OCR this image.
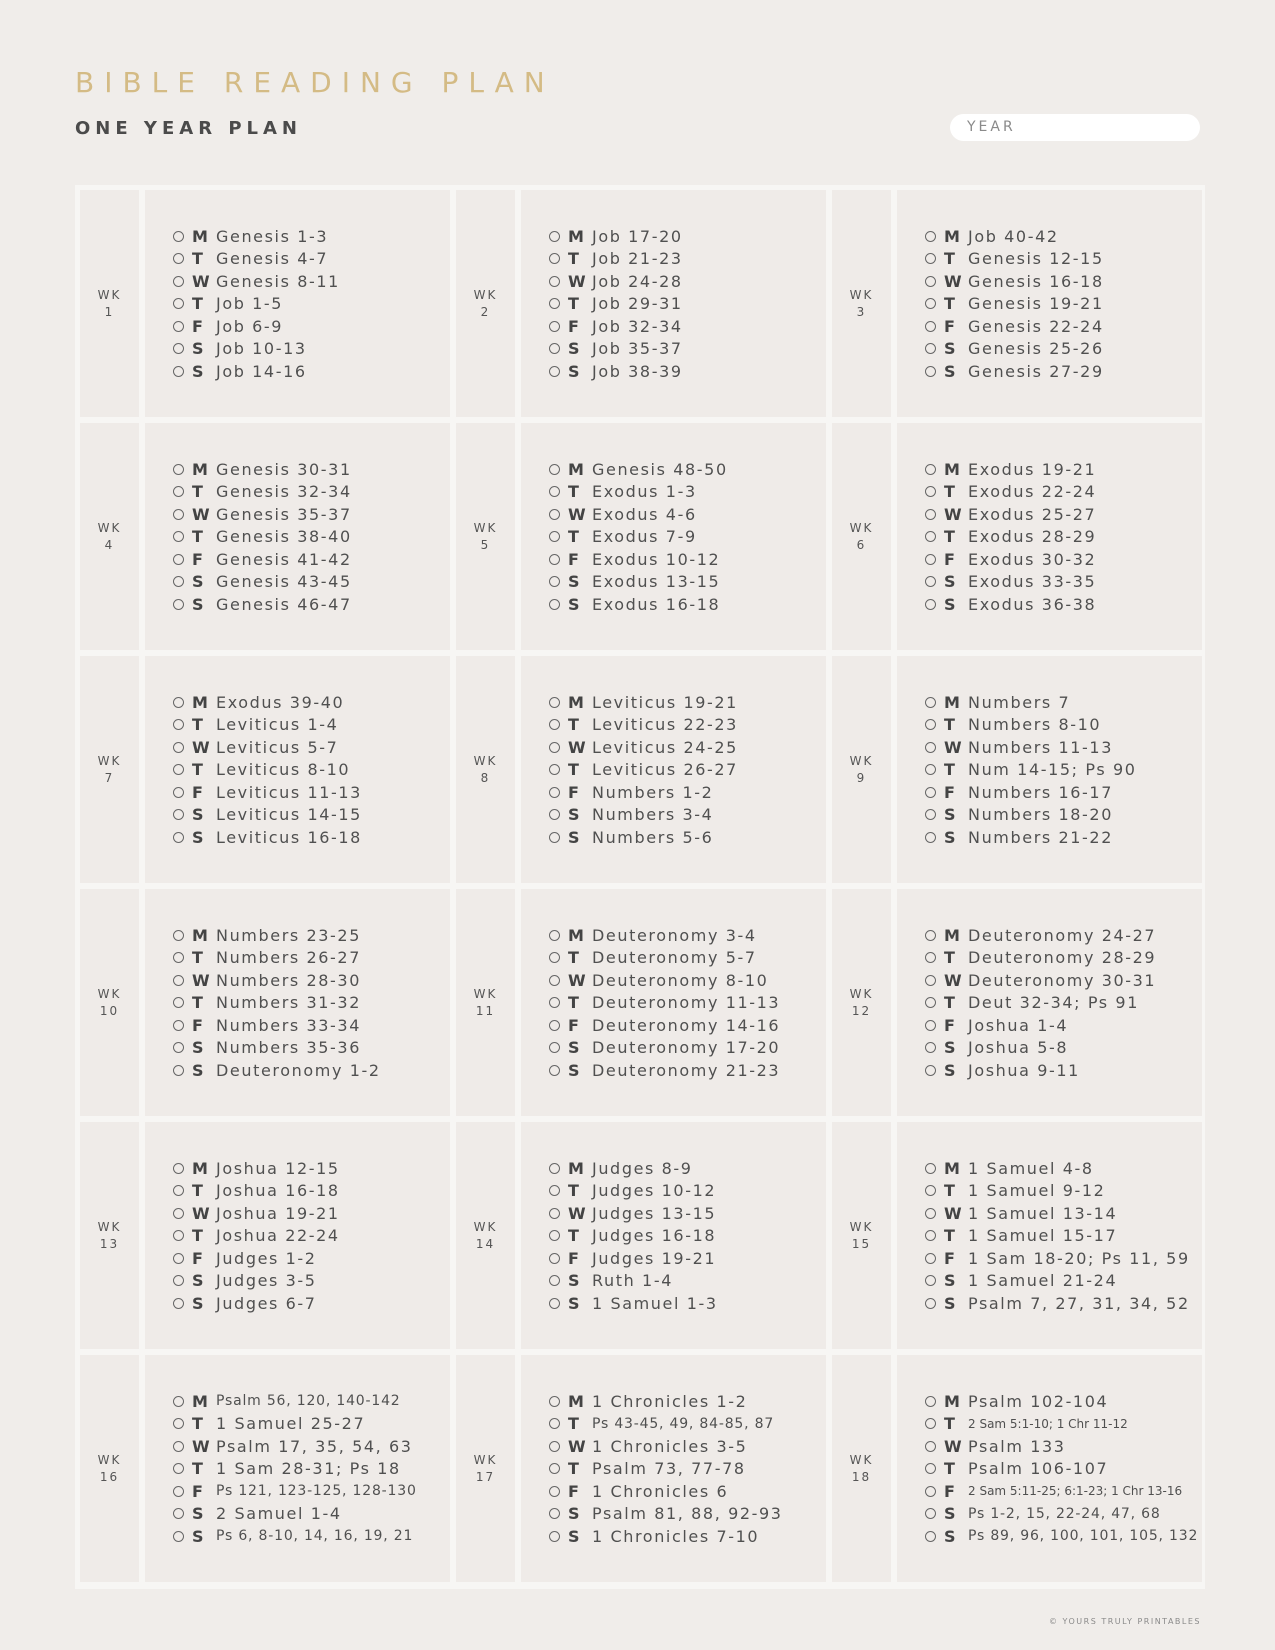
BIBLE READING PLAN
ONE YEAR PLAN	YEAR
WK
1
M Genesis 1-3
T Genesis 4-7
W Genesis 8-11
T Job 1-5
F Job 6-9
S Job 10-13
S Job 14-16
WK
2
M Job 17-20
T Job 21-23
W Job 24-28
T Job 29-31
F Job 32-34
S Job 35-37
S Job 38-39
WK
3
M Job 40-42
T Genesis 12-15
W Genesis 16-18
T Genesis 19-21
F Genesis 22-24
S Genesis 25-26
S Genesis 27-29
WK
4
M Genesis 30-31
T Genesis 32-34
W Genesis 35-37
T Genesis 38-40
F Genesis 41-42
S Genesis 43-45
S Genesis 46-47
WK
5
M Genesis 48-50
T Exodus 1-3
W Exodus 4-6
T Exodus 7-9
F Exodus 10-12
S Exodus 13-15
S Exodus 16-18
WK
6
M Exodus 19-21
T Exodus 22-24
W Exodus 25-27
T Exodus 28-29
F Exodus 30-32
S Exodus 33-35
S Exodus 36-38
WK
7
M Exodus 39-40
T Leviticus 1-4
W Leviticus 5-7
T Leviticus 8-10
F Leviticus 11-13
S Leviticus 14-15
S Leviticus 16-18
WK
8
M Leviticus 19-21
T Leviticus 22-23
W Leviticus 24-25
T Leviticus 26-27
F Numbers 1-2
S Numbers 3-4
S Numbers 5-6
WK
9
M Numbers 7
T Numbers 8-10
W Numbers 11-13
T Num 14-15; Ps 90
F Numbers 16-17
S Numbers 18-20
S Numbers 21-22
WK
10
M Numbers 23-25
T Numbers 26-27
W Numbers 28-30
T Numbers 31-32
F Numbers 33-34
S Numbers 35-36
S Deuteronomy 1-2
WK
11
M Deuteronomy 3-4
T Deuteronomy 5-7
W Deuteronomy 8-10
T Deuteronomy 11-13
F Deuteronomy 14-16
S Deuteronomy 17-20
S Deuteronomy 21-23
WK
12
M Deuteronomy 24-27
T Deuteronomy 28-29
W Deuteronomy 30-31
T Deut 32-34; Ps 91
F Joshua 1-4
S Joshua 5-8
S Joshua 9-11
WK
13
M Joshua 12-15
T Joshua 16-18
W Joshua 19-21
T Joshua 22-24
F Judges 1-2
S Judges 3-5
S Judges 6-7
WK
14
M Judges 8-9
T Judges 10-12
W Judges 13-15
T Judges 16-18
F Judges 19-21
S Ruth 1-4
S 1 Samuel 1-3
WK
15
M 1 Samuel 4-8
T 1 Samuel 9-12
W 1 Samuel 13-14
T 1 Samuel 15-17
F 1 Sam 18-20; Ps 11, 59
S 1 Samuel 21-24
S Psalm 7, 27, 31, 34, 52
WK
16
M Psalm 56, 120, 140-142
T 1 Samuel 25-27
W Psalm 17, 35, 54, 63
T 1 Sam 28-31; Ps 18
F Ps 121, 123-125, 128-130
S 2 Samuel 1-4
S Ps 6, 8-10, 14, 16, 19, 21
WK
17
M 1 Chronicles 1-2
T Ps 43-45, 49, 84-85, 87
W 1 Chronicles 3-5
T Psalm 73, 77-78
F 1 Chronicles 6
S Psalm 81, 88, 92-93
S 1 Chronicles 7-10
WK
18
M Psalm 102-104
T	2 Sam 5:1-10; 1 Chr 11-12
W Psalm 133
T Psalm 106-107
F	2 Sam 5:11-25; 6:1-23; 1 Chr 13-16
S Ps 1-2, 15, 22-24, 47, 68
S Ps 89, 96, 100, 101, 105, 132
© YOURS TRULY PRINTABLES
